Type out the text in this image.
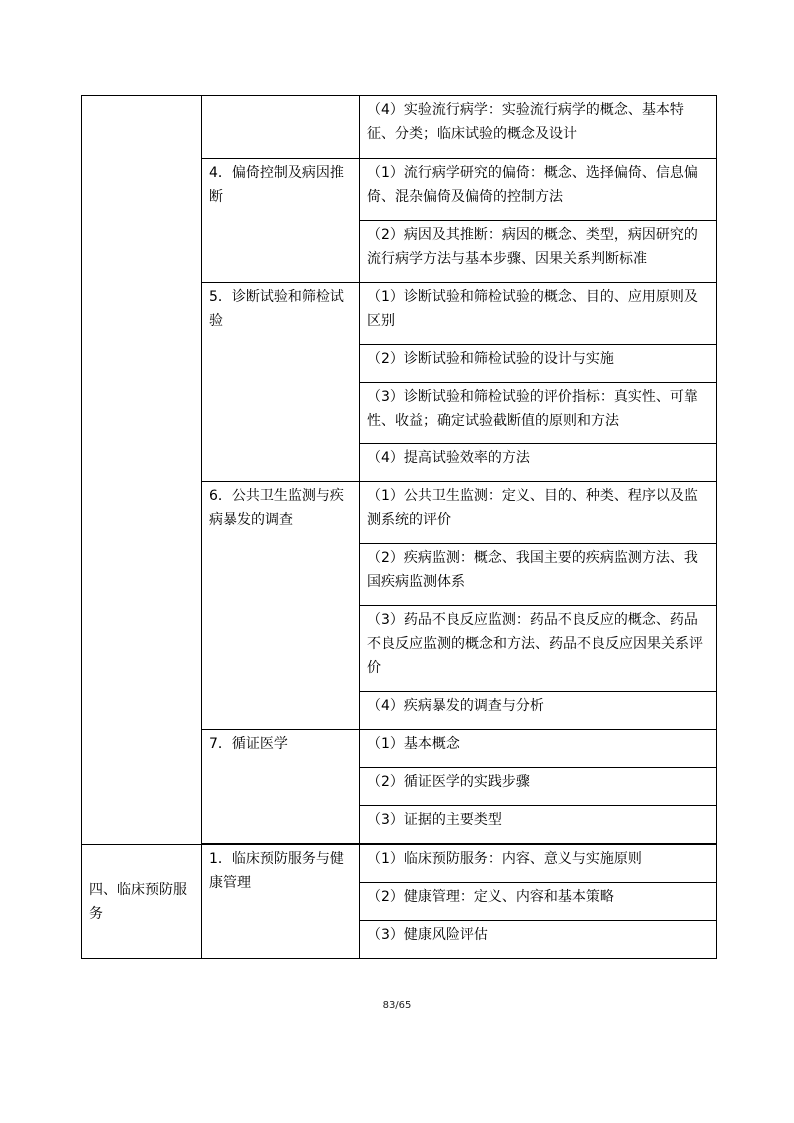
		（4）实验流行病学：实验流行病学的概念、基本特征、分类；临床试验的概念及设计

	4．偏倚控制及病因推断	（1）流行病学研究的偏倚：概念、选择偏倚、信息偏倚、混杂偏倚及偏倚的控制方法

		（2）病因及其推断：病因的概念、类型，病因研究的流行病学方法与基本步骤、因果关系判断标准

	5．诊断试验和筛检试验	（1）诊断试验和筛检试验的概念、目的、应用原则及区别

		（2）诊断试验和筛检试验的设计与实施

		（3）诊断试验和筛检试验的评价指标：真实性、可靠性、收益；确定试验截断值的原则和方法

		（4）提高试验效率的方法

	6．公共卫生监测与疾病暴发的调查	（1）公共卫生监测：定义、目的、种类、程序以及监测系统的评价

		（2）疾病监测：概念、我国主要的疾病监测方法、我国疾病监测体系

		（3）药品不良反应监测：药品不良反应的概念、药品不良反应监测的概念和方法、药品不良反应因果关系评价

		（4）疾病暴发的调查与分析

	7．循证医学	（1）基本概念

		（2）循证医学的实践步骤

		（3）证据的主要类型

四、临床预防服务	1．临床预防服务与健康管理	（1）临床预防服务：内容、意义与实施原则

		（2）健康管理：定义、内容和基本策略

		（3）健康风险评估
83/65
